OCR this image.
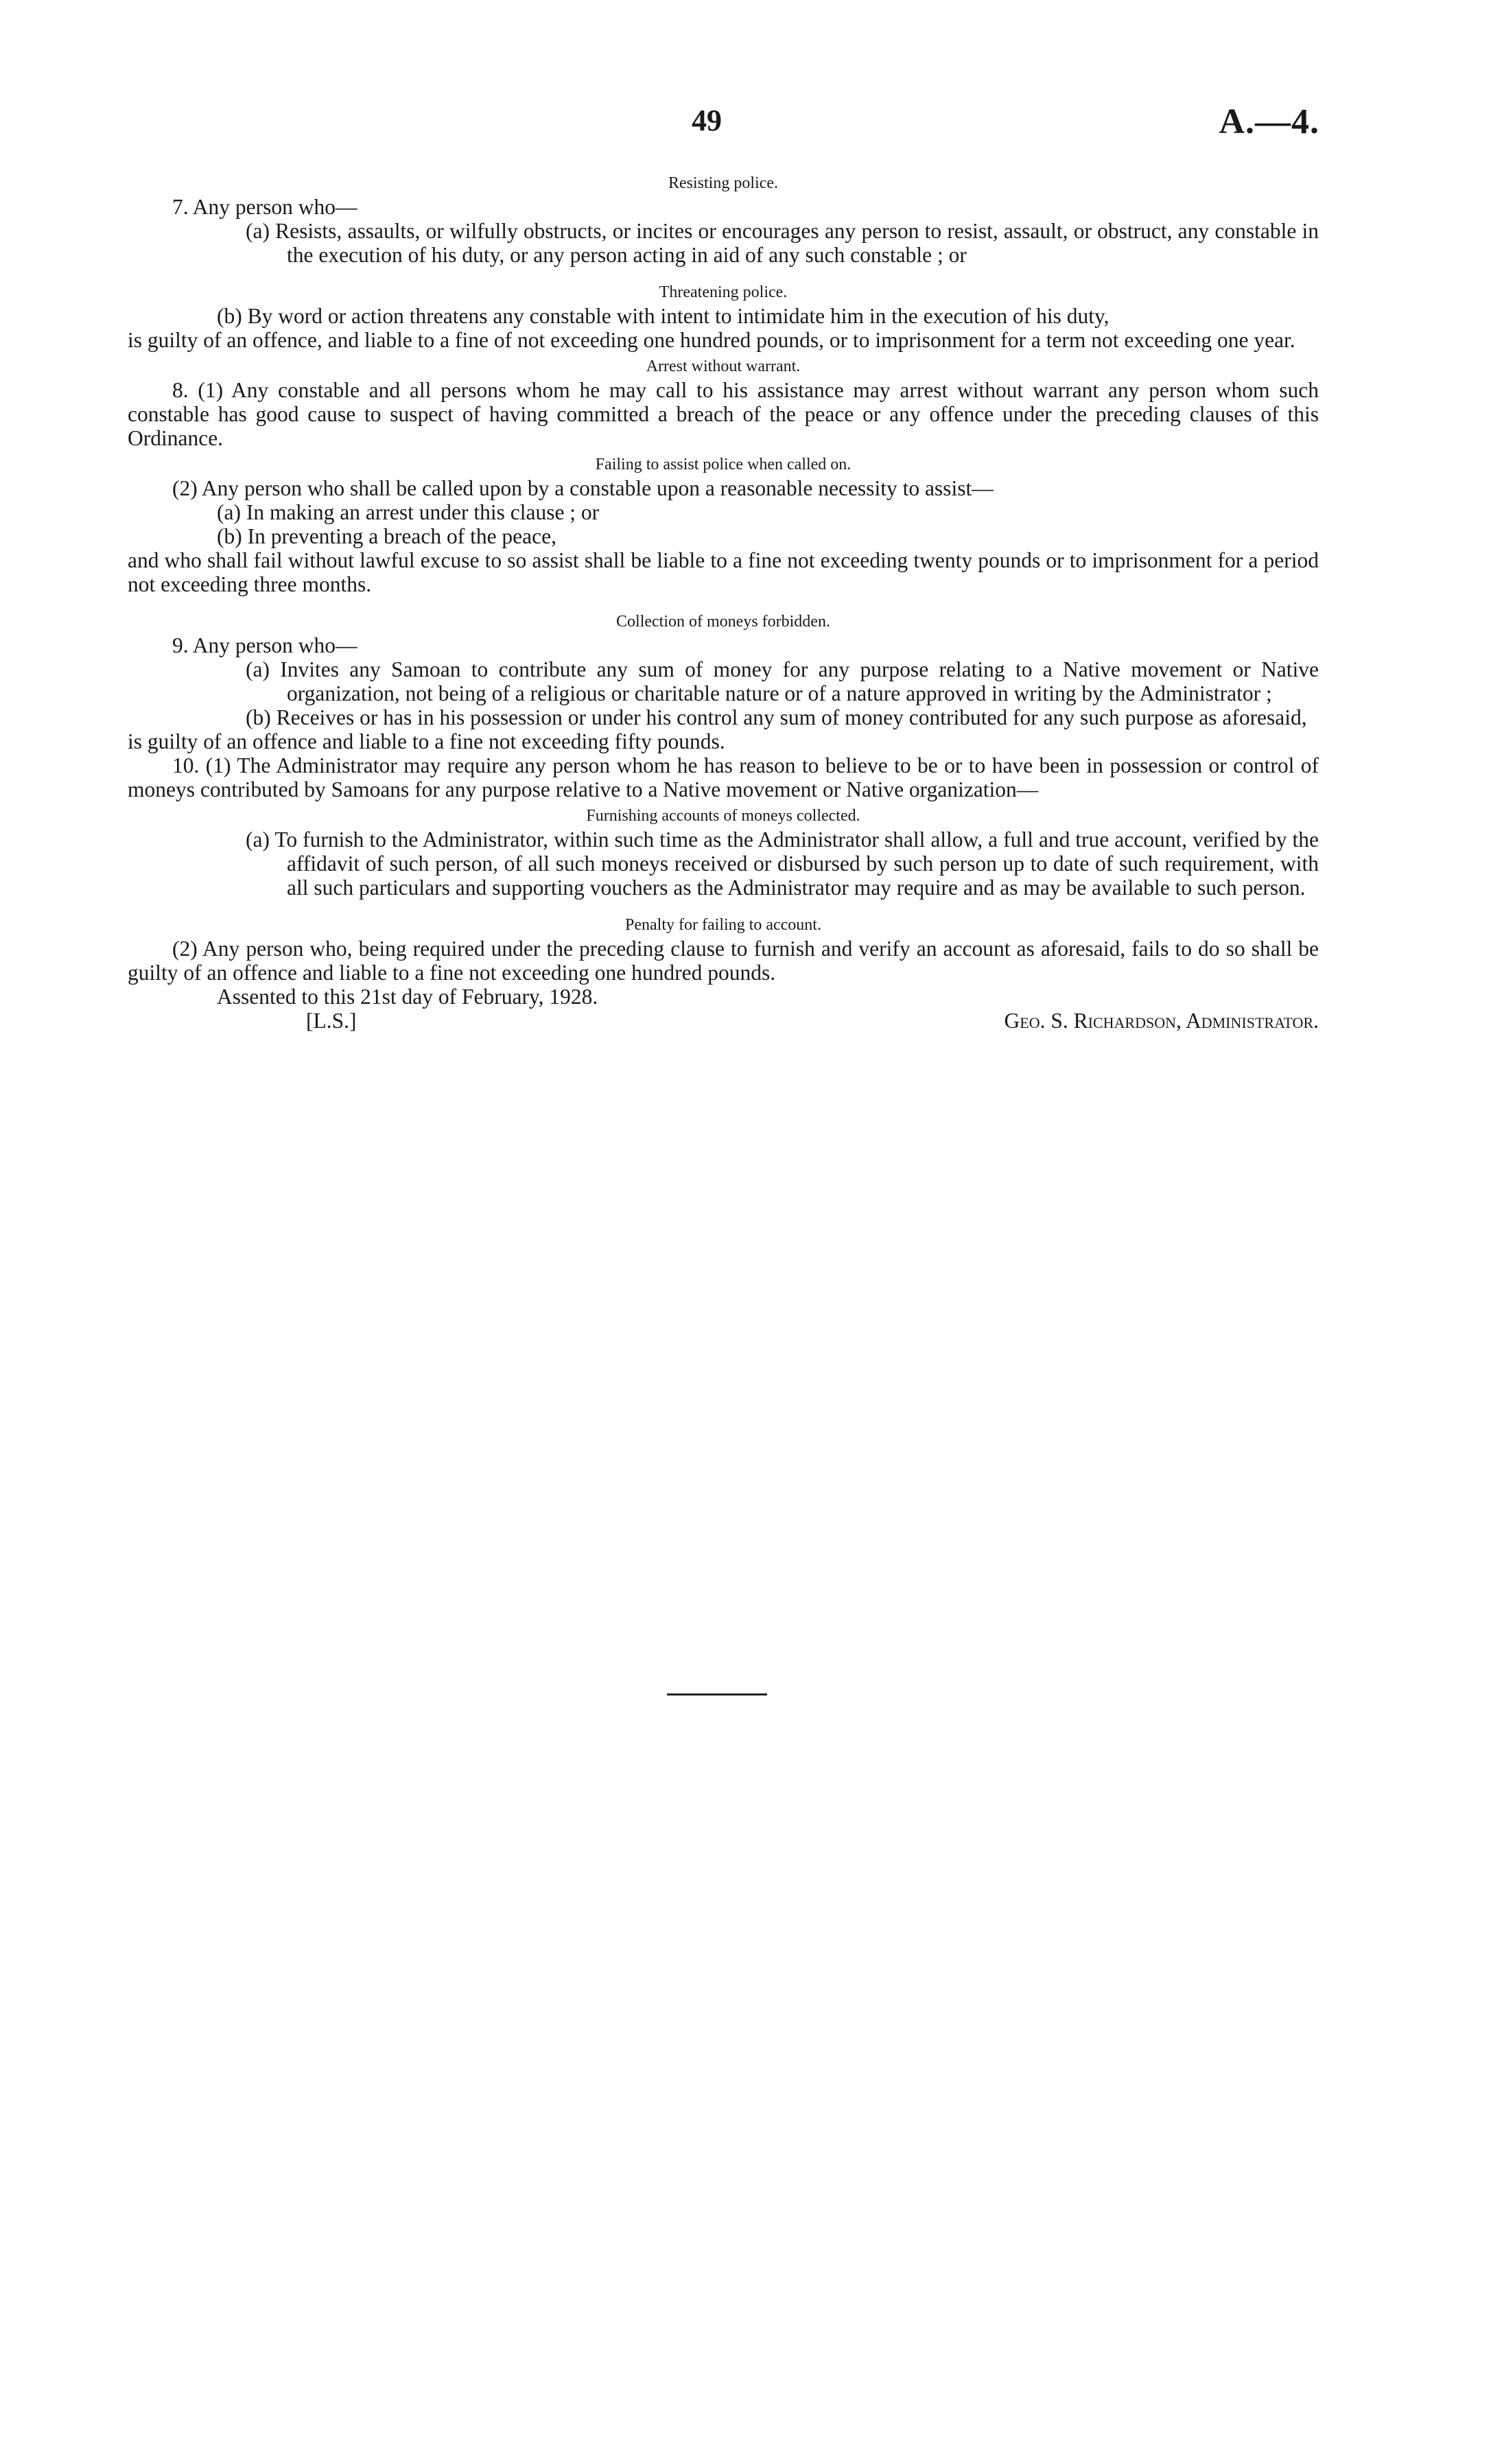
49	A.—4.

Resisting police.

7. Any person who—

(a) Resists, assaults, or wilfully obstructs, or incites or encourages any person to resist, assault, or obstruct, any constable in the execution of his duty, or any person acting in aid of any such constable ; or

Threatening police.

(b) By word or action threatens any constable with intent to intimidate him in the execution of his duty,

is guilty of an offence, and liable to a fine of not exceeding one hundred pounds, or to imprisonment for a term not exceeding one year.

Arrest without warrant.

8. (1) Any constable and all persons whom he may call to his assistance may arrest without warrant any person whom such constable has good cause to suspect of having committed a breach of the peace or any offence under the preceding clauses of this Ordinance.

Failing to assist police when called on.

(2) Any person who shall be called upon by a constable upon a reasonable necessity to assist—

(a) In making an arrest under this clause ; or

(b) In preventing a breach of the peace,

and who shall fail without lawful excuse to so assist shall be liable to a fine not exceeding twenty pounds or to imprisonment for a period not exceeding three months.

Collection of moneys forbidden.

9. Any person who—

(a) Invites any Samoan to contribute any sum of money for any purpose relating to a Native movement or Native organization, not being of a religious or charitable nature or of a nature approved in writing by the Administrator ;

(b) Receives or has in his possession or under his control any sum of money contributed for any such purpose as aforesaid,

is guilty of an offence and liable to a fine not exceeding fifty pounds.

10. (1) The Administrator may require any person whom he has reason to believe to be or to have been in possession or control of moneys contributed by Samoans for any purpose relative to a Native movement or Native organization—

Furnishing accounts of moneys collected.

(a) To furnish to the Administrator, within such time as the Administrator shall allow, a full and true account, verified by the affidavit of such person, of all such moneys received or disbursed by such person up to date of such requirement, with all such particulars and supporting vouchers as the Administrator may require and as may be available to such person.

Penalty for failing to account.

(2) Any person who, being required under the preceding clause to furnish and verify an account as aforesaid, fails to do so shall be guilty of an offence and liable to a fine not exceeding one hundred pounds.

Assented to this 21st day of February, 1928.

[L.S.]	Geo. S. Richardson, Administrator.
